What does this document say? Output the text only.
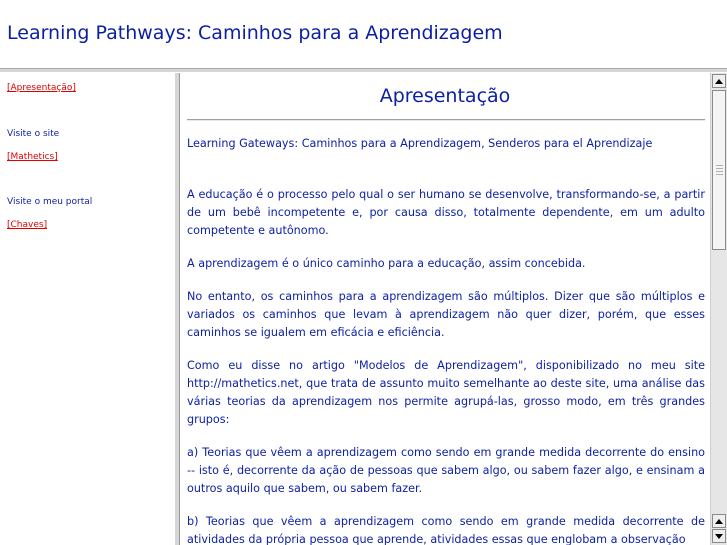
Learning Pathways: Caminhos para a Aprendizagem
[Apresentação]
Visite o site
[Mathetics]
Visite o meu portal
[Chaves]
Apresentação

Learning Gateways: Caminhos para a Aprendizagem, Senderos para el Aprendizaje

A educação é o processo pelo qual o ser humano se desenvolve, transformando-se, a partir de um bebê incompetente e, por causa disso, totalmente dependente, em um adulto competente e autônomo.

A aprendizagem é o único caminho para a educação, assim concebida.

No entanto, os caminhos para a aprendizagem são múltiplos. Dizer que são múltiplos e variados os caminhos que levam à aprendizagem não quer dizer, porém, que esses caminhos se igualem em eficácia e eficiência.

Como eu disse no artigo "Modelos de Aprendizagem", disponibilizado no meu site http://mathetics.net, que trata de assunto muito semelhante ao deste site, uma análise das várias teorias da aprendizagem nos permite agrupá-las, grosso modo, em três grandes grupos:

a) Teorias que vêem a aprendizagem como sendo em grande medida decorrente do ensino -- isto é, decorrente da ação de pessoas que sabem algo, ou sabem fazer algo, e ensinam a outros aquilo que sabem, ou sabem fazer.

b) Teorias que vêem a aprendizagem como sendo em grande medida decorrente de atividades da própria pessoa que aprende, atividades essas que englobam a observação
